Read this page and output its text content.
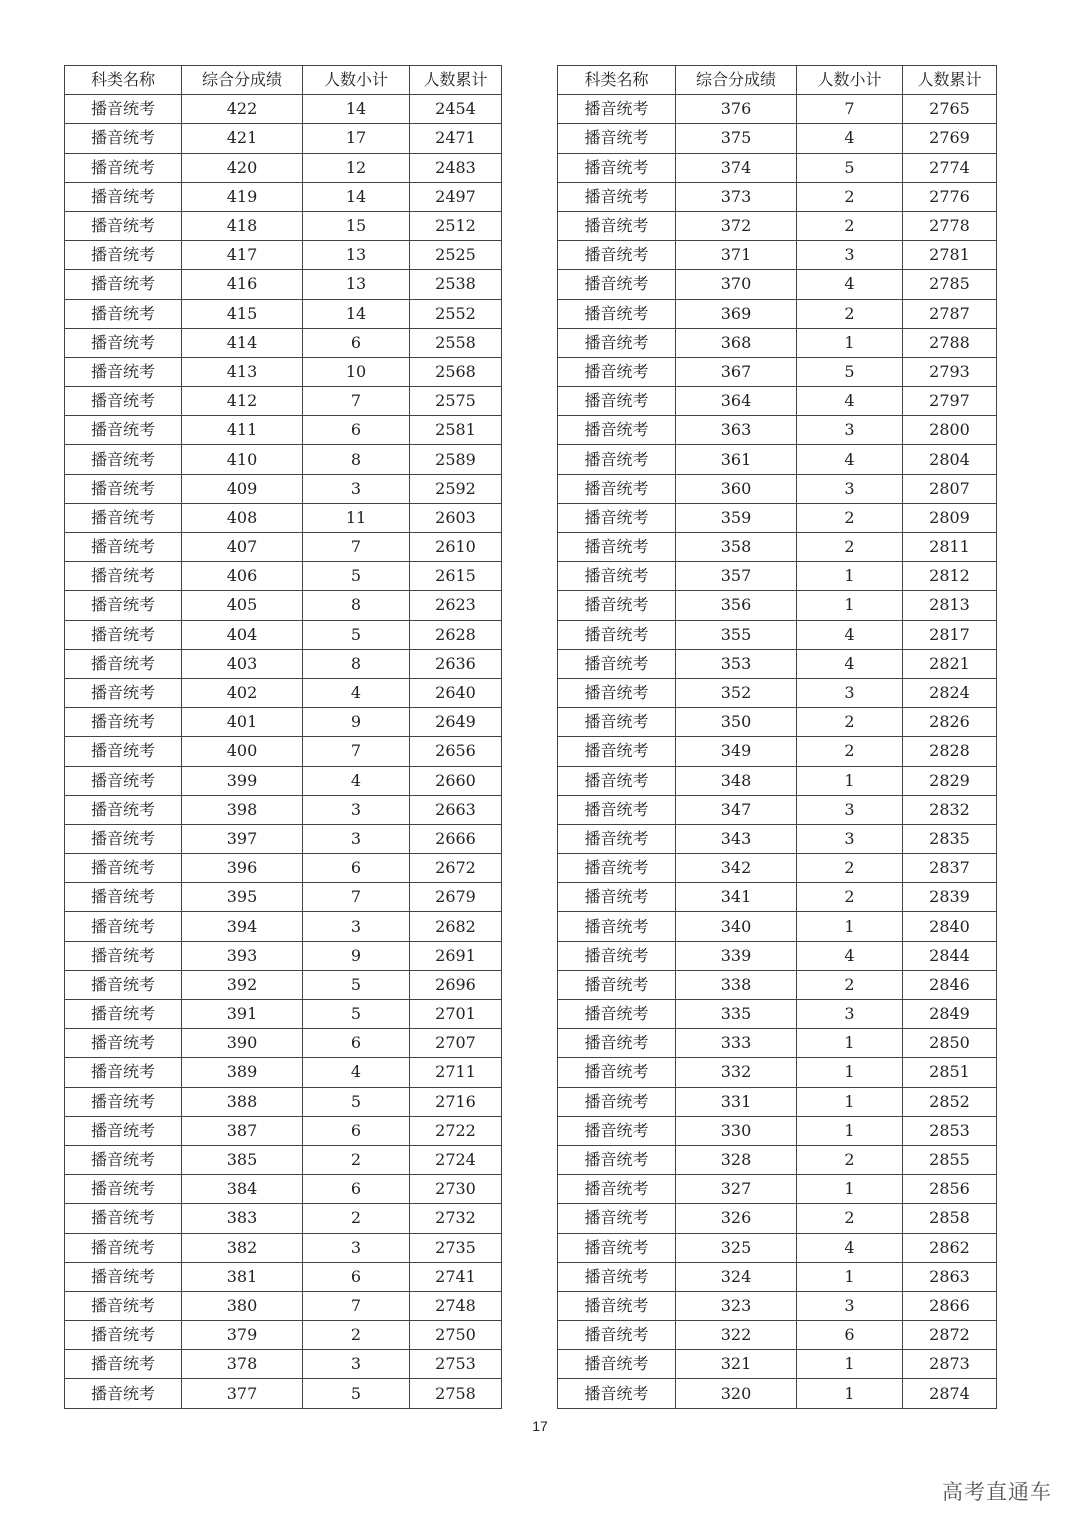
科类名称	综合分成绩	人数小计	人数累计
播音统考	422	14	2454
播音统考	421	17	2471
播音统考	420	12	2483
播音统考	419	14	2497
播音统考	418	15	2512
播音统考	417	13	2525
播音统考	416	13	2538
播音统考	415	14	2552
播音统考	414	6	2558
播音统考	413	10	2568
播音统考	412	7	2575
播音统考	411	6	2581
播音统考	410	8	2589
播音统考	409	3	2592
播音统考	408	11	2603
播音统考	407	7	2610
播音统考	406	5	2615
播音统考	405	8	2623
播音统考	404	5	2628
播音统考	403	8	2636
播音统考	402	4	2640
播音统考	401	9	2649
播音统考	400	7	2656
播音统考	399	4	2660
播音统考	398	3	2663
播音统考	397	3	2666
播音统考	396	6	2672
播音统考	395	7	2679
播音统考	394	3	2682
播音统考	393	9	2691
播音统考	392	5	2696
播音统考	391	5	2701
播音统考	390	6	2707
播音统考	389	4	2711
播音统考	388	5	2716
播音统考	387	6	2722
播音统考	385	2	2724
播音统考	384	6	2730
播音统考	383	2	2732
播音统考	382	3	2735
播音统考	381	6	2741
播音统考	380	7	2748
播音统考	379	2	2750
播音统考	378	3	2753
播音统考	377	5	2758
科类名称	综合分成绩	人数小计	人数累计
播音统考	376	7	2765
播音统考	375	4	2769
播音统考	374	5	2774
播音统考	373	2	2776
播音统考	372	2	2778
播音统考	371	3	2781
播音统考	370	4	2785
播音统考	369	2	2787
播音统考	368	1	2788
播音统考	367	5	2793
播音统考	364	4	2797
播音统考	363	3	2800
播音统考	361	4	2804
播音统考	360	3	2807
播音统考	359	2	2809
播音统考	358	2	2811
播音统考	357	1	2812
播音统考	356	1	2813
播音统考	355	4	2817
播音统考	353	4	2821
播音统考	352	3	2824
播音统考	350	2	2826
播音统考	349	2	2828
播音统考	348	1	2829
播音统考	347	3	2832
播音统考	343	3	2835
播音统考	342	2	2837
播音统考	341	2	2839
播音统考	340	1	2840
播音统考	339	4	2844
播音统考	338	2	2846
播音统考	335	3	2849
播音统考	333	1	2850
播音统考	332	1	2851
播音统考	331	1	2852
播音统考	330	1	2853
播音统考	328	2	2855
播音统考	327	1	2856
播音统考	326	2	2858
播音统考	325	4	2862
播音统考	324	1	2863
播音统考	323	3	2866
播音统考	322	6	2872
播音统考	321	1	2873
播音统考	320	1	2874
17
高考直通车
